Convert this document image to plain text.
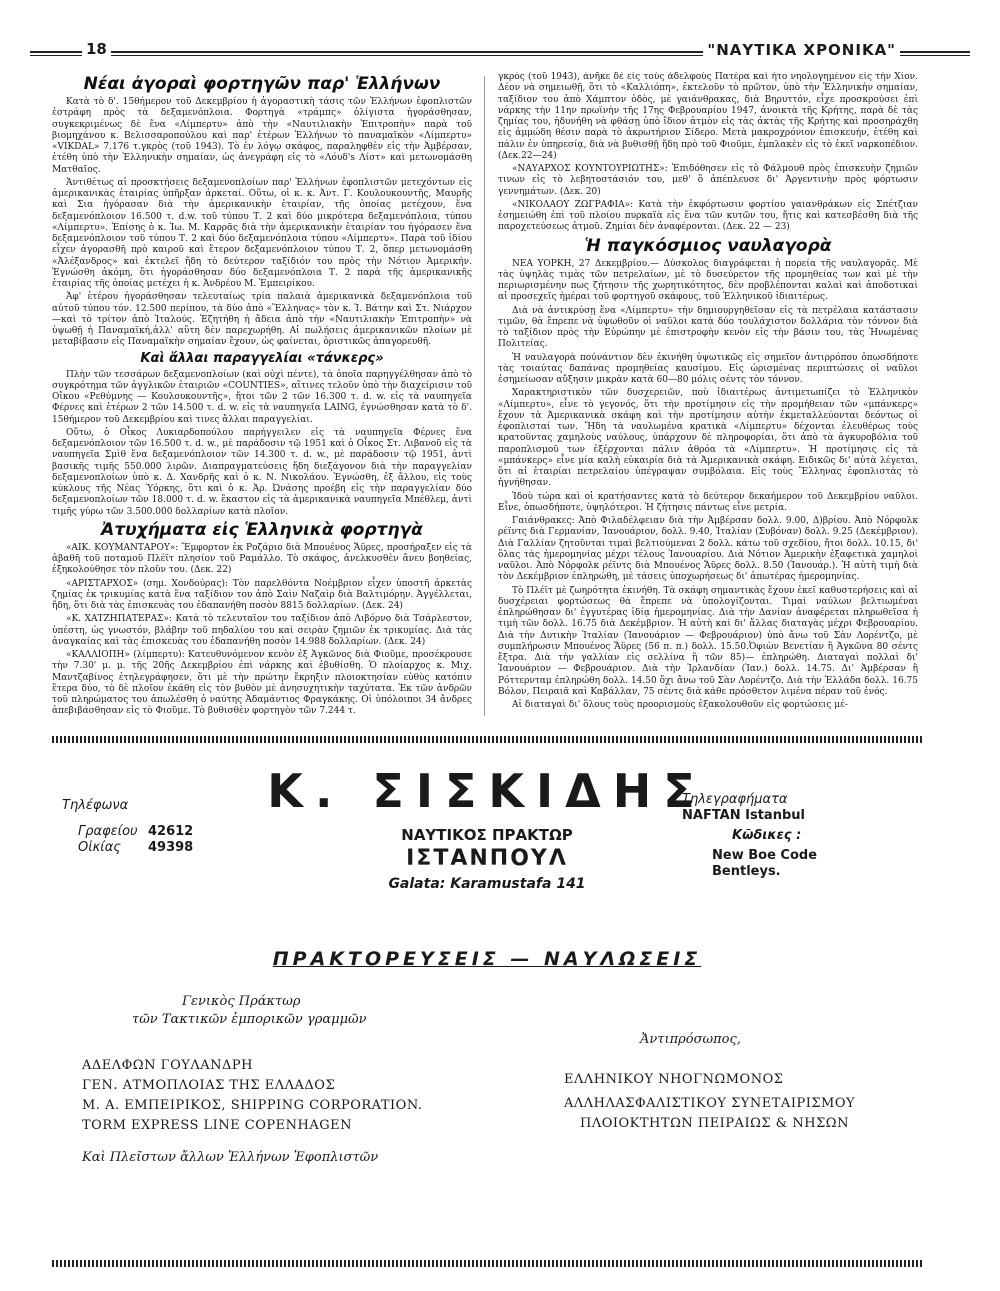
18	"ΝΑΥΤΙΚΑ ΧΡΟΝΙΚΑ"
Νέαι ἀγοραὶ φορτηγῶν παρ' Ἑλλήνων

Κατὰ τὸ δ'. 15θήμερον τοῦ Δεκεμβρίου ἡ ἀγοραστικὴ τάσις τῶν Ἑλλήνων ἐφοπλιστῶν ἐστράφη πρὸς τὰ δεξαμενόπλοια. Φορτηγὰ «τράμπς» ὀλίγιστα ἠγοράσθησαν, συγκεκριμένως δὲ ἕνα «Λίμπερτυ» ἀπὸ τὴν «Ναυτιλιακὴν Ἐπιτροπὴν» παρὰ τοῦ βιομηχάνου κ. Βελισσαροπούλου καὶ παρ' ἑτέρων Ἑλλήνων τὸ παναμαϊκὸν «Λίμπερτυ» «VIKDAL» 7.176 τ.γκρὸς (τοῦ 1943). Τὸ ἐν λόγῳ σκάφος, παραληφθὲν εἰς τὴν Ἀμβέρσαν, ἐτέθη ὑπὸ τὴν Ἑλληνικὴν σημαίαν, ὡς ἀνεγράφη εἰς τὸ «Λόυδ's Λίστ» καὶ μετωνομάσθη Ματθαῖος.

Ἀντιθέτως αἱ προσκτήσεις δεξαμενοπλοίων παρ' Ἑλλήνων ἐφοπλιστῶν μετεχόντων εἰς ἀμερικανικὰς ἑταιρίας ὑπῆρξαν ἀρκεταί. Οὕτω, οἱ κ. κ. Ἀντ. Γ. Κουλουκουντῆς, Μαυρῆς καὶ Σια ἠγόρασαν διὰ τὴν ἀμερικανικὴν ἑταιρίαν, τῆς ὁποίας μετέχουν, ἕνα δεξαμενόπλοιον 16.500 τ. d.w. τοῦ τύπου Τ. 2 καὶ δύο μικρότερα δεξαμενόπλοια, τύπου «Λίμπερτυ». Ἐπίσης ὁ κ. Ἰω. Μ. Καρρᾶς διὰ τὴν ἀμερικανικὴν ἑταιρίαν του ἠγόρασεν ἕνα δεξαμενόπλοιον τοῦ τύπου Τ. 2 καὶ δύο δεξαμενόπλοια τύπου «Λίμπερτυ». Παρὰ τοῦ ἰδίου εἶχεν ἀγορασθῆ πρὸ καιροῦ καὶ ἕτερον δεξαμενόπλοιον τύπου Τ. 2, ὅπερ μετωνομάσθη «Ἀλέξανδρος» καὶ ἐκτελεῖ ἤδη τὸ δεύτερον ταξίδιόν του πρὸς τὴν Νότιον Ἀμερικήν. Ἐγνώσθη ἀκόμη, ὅτι ἠγοράσθησαν δύο δεξαμενόπλοια Τ. 2 παρὰ τῆς ἀμερικανικῆς ἑταιρίας τῆς ὁποίας μετέχει ἡ κ. Ἀνδρέου Μ. Ἐμπειρίκου.

Ἀφ' ἑτέρου ἠγοράσθησαν τελευταίως τρία παλαιὰ ἀμερικανικὰ δεξαμενόπλοια τοῦ αὐτοῦ τύπου τόν. 12.500 περίπου, τὰ δύο ἀπὸ «Ἕλληνας» τὸν κ. Ἰ. Βάτην καὶ Στ. Νιάρχον—καὶ τὸ τρίτον ἀπὸ Ἰταλούς. Ἐζητήθη ἡ ἄδεια ἀπὸ τὴν «Ναυτιλιακὴν Ἐπιτροπὴν» νὰ ὑψωθῇ ἡ Παναμαϊκή,ἀλλ' αὕτη δὲν παρεχωρήθη. Αἱ πωλήσεις ἀμερικανικῶν πλοίων μὲ μεταβίβασιν εἰς Παναμαϊκὴν σημαίαν ἔχουν, ὡς φαίνεται, ὁριστικῶς ἀπαγορευθῆ.

Καὶ ἄλλαι παραγγελίαι «τάνκερς»

Πλὴν τῶν τεσσάρων δεξαμενοπλοίων (καὶ οὐχὶ πέντε), τὰ ὁποῖα παρηγγέλθησαν ἀπὸ τὸ συγκρότημα τῶν ἀγγλικῶν ἑταιριῶν «COUNTIES», αἵτινες τελοῦν ὑπὸ τὴν διαχείρισιν τοῦ Οἴκου «Ρεθύμνης — Κουλουκουντῆς», ἤτοι τῶν 2 τῶν 16.300 τ. d. w. εἰς τὰ ναυπηγεῖα Φέρνες καὶ ἑτέρων 2 τῶν 14.500 τ. d. w. εἰς τὰ ναυπηγεῖα LAING, ἐγνώσθησαν κατὰ τὸ δ'. 15θήμερον τοῦ Δεκεμβρίου καὶ τινες ἄλλαι παραγγελίαι.

Οὕτω, ὁ Οἶκος Λυκιαρδοπούλου παρήγγειλεν εἰς τὰ ναυπηγεῖα Φέρνες ἕνα δεξαμενόπλοιον τῶν 16.500 τ. d. w., μὲ παράδοσιν τῷ 1951 καὶ ὁ Οἶκος Στ. Λιβανοῦ εἰς τὰ ναυπηγεῖα Σμὶθ ἕνα δεξαμενόπλοιον τῶν 14.300 τ. d. w., μὲ παράδοσιν τῷ 1951, ἀντὶ βασικῆς τιμῆς 550.000 λιρῶν. Διαπραγματεύσεις ἤδη διεξάγονον διὰ τὴν παραγγελίαν δεξαμενοπλοίων ὑπὸ κ. Δ. Χανδρῆς καὶ ὁ κ. Ν. Νικολάου. Ἐγνώσθη, ἐξ ἄλλου, εἰς τοὺς κύκλους τῆς Νέας Ὑόρκης, ὅτι καὶ ὁ κ. Ἀρ. Ὠνάσης προέβη εἰς τὴν παραγγελίαν δύο δεξαμενοπλοίων τῶν 18.000 τ. d. w. ἕκαστον εἰς τὰ ἀμερικανικὰ ναυπηγεῖα Μπέθλεμ, ἀντὶ τιμῆς γύρω τῶν 3.500.000 δολλαρίων κατὰ πλοῖον.

Ἀτυχήματα εἰς Ἑλληνικὰ φορτηγὰ

«ΑΙΚ. ΚΟΥΜΑΝΤΑΡΟΥ»: Ἔμφορτον ἐκ Ροζάριο διὰ Μπουένος Ἄϋρες, προσήραξεν εἰς τὰ ἀβαθῆ τοῦ ποταμοῦ Πλέϊτ πλησίον τοῦ Ραμάλλο. Τὸ σκάφος, ἀνελκυσθὲν ἄνευ βοηθείας, ἐξηκολούθησε τὸν πλοῦν του. (Δεκ. 22)

«ΑΡΙΣΤΑΡΧΟΣ» (σημ. Χονδούρας): Τὸν παρελθόντα Νοέμβριον εἶχεν ὑποστῆ ἀρκετὰς ζημίας ἐκ τρικυμίας κατὰ ἕνα ταξίδιον του ἀπὸ Σαὶν Ναζαὶρ διὰ Βαλτιμόρην. Ἀγγέλλεται, ἤδη, ὅτι διὰ τὰς ἐπισκευὰς του ἐδαπανήθη ποσὸν 8815 δολλαρίων. (Δεκ. 24)

«Κ. ΧΑΤΖΗΠΑΤΕΡΑΣ»: Κατὰ τὸ τελευταῖον του ταξίδιον ἀπὸ Λιβόρνο διὰ Τσάρλεστον, ὑπέστη, ὡς γνωστόν, βλάβην τοῦ πηδαλίου του καὶ σειρὰν ζημιῶν ἐκ τρικυμίας. Διὰ τὰς ἀναγκαίας καὶ τὰς ἐπισκευὰς του ἐδαπανήθη ποσὸν 14.988 δολλαρίων. (Δεκ. 24)

«ΚΑΛΛΙΟΠΗ» (λίμπερτυ): Κατευθυνόμενον κενὸν ἐξ Ἀγκῶνος διὰ Φιοῦμε, προσέκρουσε τὴν 7.30' μ. μ. τῆς 20ῆς Δεκεμβρίου ἐπὶ νάρκης καὶ ἐβυθίσθη. Ὁ πλοίαρχος κ. Μιχ. Μαντζαβίνος ἐτηλεγράφησεν, ὅτι μὲ τὴν πρώτην ἔκρηξιν πλοιοκτησίαν εὐθὺς κατόπιν ἕτερα δύο, τὸ δὲ πλοῖον ἐκάθη εἰς τὸν βυθὸν μὲ ἀνησυχητικὴν ταχύτατα. Ἐκ τῶν ἀνδρῶν τοῦ πληρώματος του ἀπωλέσθη ὁ ναύτης Ἀδαμάντιος Φραγκάκης. Οἱ ὑπόλοιποι 34 ἄνδρες ἀπεβιβάσθησαν εἰς τὸ Φιοῦμε. Τὸ βυθισθὲν φορτηγὸν τῶν 7.244 τ.

γκρὸς (τοῦ 1943), ἀνῆκε δὲ εἰς τοὺς ἀδελφοὺς Πατέρα καὶ ἦτο νηολογημένον εἰς τὴν Χίον. Δέον νὰ σημειωθῇ, ὅτι τὸ «Καλλιόπη», ἐκτελοῦν τὸ πρῶτον, ὑπὸ τὴν Ἑλληνικὴν σημαίαν, ταξίδιον του ἀπὸ Χάμπτον ὁδὸς, μὲ γαιάνθρακας, διὰ Βηρυττόν, εἶχε προσκρούσει ἐπὶ νάρκης τὴν 11ην πρωϊνὴν τῆς 17ης Φεβρουαρίου 1947, ἀνοικτὰ τῆς Κρήτης, παρὰ δὲ τὰς ζημίας του, ἠδυνήθη νὰ φθάσῃ ὑπὸ ἴδιον ἀτμὸν εἰς τὰς ἀκτὰς τῆς Κρήτης καὶ προσηράχθη εἰς ἀμμώδη θέσιν παρὰ τὸ ἀκρωτήριον Σίδερο. Μετὰ μακροχρόνιον ἐπισκευήν, ἐτέθη καὶ πάλιν ἐν ὑπηρεσίᾳ, διὰ νὰ βυθισθῇ ἤδη πρὸ τοῦ Φιοῦμε, ἐμπλακὲν εἰς τὸ ἐκεῖ ναρκοπέδιον. (Δεκ.22—24)

«ΝΑΥΑΡΧΟΣ ΚΟΥΝΤΟΥΡΙΩΤΗΣ»: Ἐπιδόθησεν εἰς τὸ Φάλμουθ πρὸς ἐπισκευὴν ζημιῶν τινων εἰς τὸ λεβητοστάσιόν του, μεθ' ὃ ἀπέπλευσε δι' Ἀργεντινὴν πρὸς φόρτωσιν γεννημάτων. (Δεκ. 20)

«ΝΙΚΟΛΑΟΥ ΖΩΓΡΑΦΙΑ»: Κατὰ τὴν ἐκφόρτωσιν φορτίου γαιανθράκων εἰς Σπέτζιαν ἐσημειώθη ἐπὶ τοῦ πλοίου πυρκαϊὰ εἰς ἕνα τῶν κυτῶν του, ἥτις καὶ κατεσβέσθη διὰ τῆς παροχετεύσεως ἀτμοῦ. Ζημίαι δὲν ἀναφέρονται. (Δεκ. 22 — 23)

Ἡ παγκόσμιος ναυλαγορὰ

ΝΕΑ ΥΟΡΚΗ, 27 Δεκεμβρίου.— Δύσκολος διαγράφεται ἡ πορεία τῆς ναυλαγορᾶς. Μὲ τὰς ὑψηλὰς τιμὰς τῶν πετρελαίων, μὲ τὸ δυσεύρετον τῆς προμηθείας των καὶ μὲ τὴν περιωρισμένην πως ζήτησιν τῆς χωρητικότητος, δὲν προβλέπονται καλαὶ καὶ ἀποδοτικαὶ αἱ προσεχεῖς ἡμέραι τοῦ φορτηγοῦ σκάφους, τοῦ Ἑλληνικοῦ ἰδιαιτέρως.

Διὰ νὰ ἀντικρύσῃ ἕνα «Λίμπερτυ» τὴν δημιουργηθεῖσαν εἰς τὰ πετρέλαια κατάστασιν τιμῶν, θὰ ἔπρεπε νὰ ὑψωθοῦν οἱ ναῦλοι κατὰ δύο τουλάχιστον δολλάρια τὸν τόννον διὰ τὸ ταξίδιον πρὸς τὴν Εὐρώπην μὲ ἐπιστροφὴν κενὸν εἰς τὴν βάσιν του, τὰς Ἡνωμένας Πολιτείας.

Ἡ ναυλαγορὰ πούνάντιον δὲν ἐκινήθη ὑψωτικῶς εἰς σημεῖον ἀντιρρόπου ὁπωσδήποτε τὰς τοιαύτας δαπάνας προμηθείας καυσίμου. Εἰς ὡρισμένας περιπτώσεις οἱ ναῦλοι ἐσημείωσαν αὔξησιν μικρὰν κατὰ 60—80 μόλις σέντς τὸν τόννον.

Χαρακτηριστικὸν τῶν δυσχερειῶν, ποὺ ἰδιαιτέρως ἀντιμετωπίζει τὸ Ἑλληνικὸν «Λίμπερτυ», εἶνε τὸ γεγονός, ὅτι τὴν προτίμησιν εἰς τὴν προμήθειαν τῶν «μπάνκερς» ἔχουν τὰ Ἀμερικανικὰ σκάφη καὶ τὴν προτίμησιν αὐτὴν ἐκμεταλλεύονται δεόντως οἱ ἐφοπλισταί των. Ἤδη τὰ ναυλωμένα κρατικὰ «Λίμπερτυ» δέχονται ἐλευθέρως τοὺς κρατοῦντας χαμηλοὺς ναύλους, ὑπάρχουν δὲ πληροφορίαι, ὅτι ἀπὸ τὰ ἀγκυροβόλια τοῦ παροπλισμοῦ των ἐξέρχονται πάλιν ἀθρόα τὰ «Λίμπερτυ». Ἡ προτίμησις εἰς τὰ «μπάνκερς» εἶνε μία καλὴ εὐκαιρία διὰ τὰ Ἀμερικανικὰ σκάφη. Ειδικῶς δι' αὐτὰ λέγεται, ὅτι αἱ ἑταιρίαι πετρελαίου ὑπέγραψαν συμβόλαια. Εἰς τοὺς Ἕλληνας ἐφοπλιστὰς τὸ ἠγνήθησαν.

Ἰδοὺ τώρα καὶ οἱ κρατήσαντες κατὰ τὸ δεύτερον δεκαήμερον τοῦ Δεκεμβρίου ναῦλοι. Εἶνε, ὁπωσδήποτε, ὑψηλότεροι. Ἡ ζήτησις πάντως εἶνε μετρία.

Γαιάνθρακες: Ἀπὸ Φιλαδέλφειαν διὰ τὴν Ἀμβέρσαν δολλ. 9.00, Δ)βρίου. Ἀπὸ Νόρφολκ ρέϊντς διὰ Γερμανίαν, Ἰανουάριον, δολλ. 9.40, Ἰταλίαν (Συβόναν) δολλ. 9.25 (Δεκέμβριον). Διὰ Γαλλίαν ζητοῦνται τιμαὶ βελτιούμεναι 2 δολλ. κάτω τοῦ σχεδίου, ἤτοι δολλ. 10.15, δι' ὅλας τὰς ἡμερομηνίας μέχρι τέλους Ἰανουαρίου. Διὰ Νότιον Ἀμερικὴν ἐξαφετικὰ χαμηλοὶ ναῦλοι. Ἀπὸ Νόρφολκ ρέϊντς διὰ Μπουένος Ἄϋρες δολλ. 8.50 (Ἰανουάρ.). Ἡ αὐτὴ τιμὴ διὰ τὸν Δεκέμβριον ἐπληρώθη, μὲ τάσεις ὑποχωρήσεως δι' ἀπωτέρας ἡμερομηνίας.

Τὸ Πλέϊτ μὲ ζωηρότητα ἐκινήθη. Τὰ σκάφη σημαντικὰς ἔχουν ἐκεῖ καθυστερήσεις καὶ αἱ δυσχέρειαι φορτώσεως θὰ ἔπρεπε νὰ ὑπολογίζονται. Τιμαὶ ναύλων βελτιωμέναι ἐπληρώθησαν δι' ἐγγυτέρας ἰδίᾳ ἡμερομηνίας. Διὰ τὴν Δανίαν ἀναφέρεται πληρωθεῖσα ἡ τιμὴ τῶν δολλ. 16.75 διὰ Δεκέμβριον. Ἡ αὐτὴ καὶ δι' ἄλλας διαταγὰς μέχρι Φεβρουαρίου. Διὰ τὴν Δυτικὴν Ἰταλίαν (Ἰανουάριον — Φεβρουάριον) ὑπὸ ἄνω τοῦ Σὰν Λορέντζο, μὲ συμπλήρωσιν Μπουένος Ἄϋρες (56 π. π.) δολλ. 15.50.Ὀφιὼν Βενετίαν ἢ Ἀγκῶνα 80 σέντς ἔξτρα. Διὰ τὴν γαλλίαν εἰς σελλίνα ἢ τῶν 85)— ἐπληρώθη. Διαταγαὶ πολλαὶ δι' Ἰανουάριον — Φεβρουάριον. Διὰ τὴν Ἰρλανδίαν (Ἰαν.) δολλ. 14.75. Δι' Ἀμβέρσαν ἢ Ρόττερνταμ ἐπληρώθη δολλ. 14.50 ὅχι ἄνω τοῦ Σὰν Λορέντζο. Διὰ τὴν Ἑλλάδα δολλ. 16.75 Βόλον, Πειραιᾶ καὶ Καβάλλαν, 75 σέντς διὰ κάθε πρόσθετον λιμένα πέραν τοῦ ἑνός.

Αἱ διαταγαὶ δι' ὅλους τοὺς προορισμοὺς ἐξακολουθοῦν εἰς φορτώσεις μέ-

Τηλέφωνα
Γραφείου 42612
Οἰκίας 49398
Κ. ΣΙΣΚΙΔΗΣ
ΝΑΥΤΙΚΟΣ ΠΡΑΚΤΩΡ
ΙΣΤΑΝΠΟΥΛ
Galata: Karamustafa 141
Τηλεγραφήματα
NAFTAN Istanbul
Κῶδικες :
New Boe Code
Bentleys.
ΠΡΑΚΤΟΡΕΥΣΕΙΣ — ΝΑΥΛΩΣΕΙΣ
Γενικὸς Πράκτωρ
τῶν Τακτικῶν ἐμπορικῶν γραμμῶν
Ἀντιπρόσωπος,
ΑΔΕΛΦΩΝ ΓΟΥΛΑΝΔΡΗ
ΓΕΝ. ΑΤΜΟΠΛΟΙΑΣ ΤΗΣ ΕΛΛΑΔΟΣ
Μ. Α. ΕΜΠΕΙΡΙΚΟΣ, SHIPPING CORPORATION.
TORM EXPRESS LINE COPENHAGEN
Καὶ Πλεῖστων ἄλλων Ἑλλήνων Ἐφοπλιστῶν
ΕΛΛΗΝΙΚΟΥ ΝΗΟΓΝΩΜΟΝΟΣ
ΑΛΛΗΛΑΣΦΑΛΙΣΤΙΚΟΥ ΣΥΝΕΤΑΙΡΙΣΜΟΥ
ΠΛΟΙΟΚΤΗΤΩΝ ΠΕΙΡΑΙΩΣ & ΝΗΣΩΝ
